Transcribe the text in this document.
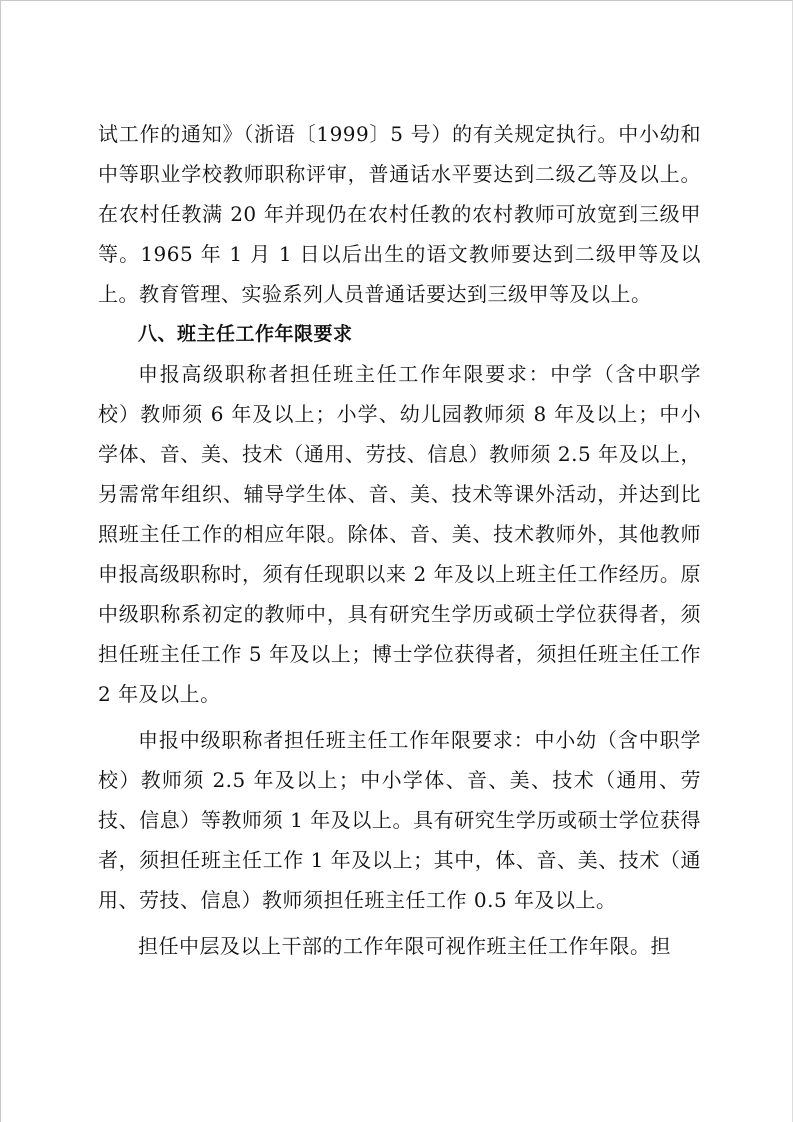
试工作的通知》（浙语〔1999〕5 号）的有关规定执行。中小幼和中等职业学校教师职称评审，普通话水平要达到二级乙等及以上。在农村任教满 20 年并现仍在农村任教的农村教师可放宽到三级甲等。1965 年 1 月 1 日以后出生的语文教师要达到二级甲等及以上。教育管理、实验系列人员普通话要达到三级甲等及以上。

八、班主任工作年限要求

申报高级职称者担任班主任工作年限要求：中学（含中职学校）教师须 6 年及以上；小学、幼儿园教师须 8 年及以上；中小学体、音、美、技术（通用、劳技、信息）教师须 2.5 年及以上，另需常年组织、辅导学生体、音、美、技术等课外活动，并达到比照班主任工作的相应年限。除体、音、美、技术教师外，其他教师申报高级职称时，须有任现职以来 2 年及以上班主任工作经历。原中级职称系初定的教师中，具有研究生学历或硕士学位获得者，须担任班主任工作 5 年及以上；博士学位获得者，须担任班主任工作 2 年及以上。

申报中级职称者担任班主任工作年限要求：中小幼（含中职学校）教师须 2.5 年及以上；中小学体、音、美、技术（通用、劳技、信息）等教师须 1 年及以上。具有研究生学历或硕士学位获得者，须担任班主任工作 1 年及以上；其中，体、音、美、技术（通用、劳技、信息）教师须担任班主任工作 0.5 年及以上。

担任中层及以上干部的工作年限可视作班主任工作年限。担
